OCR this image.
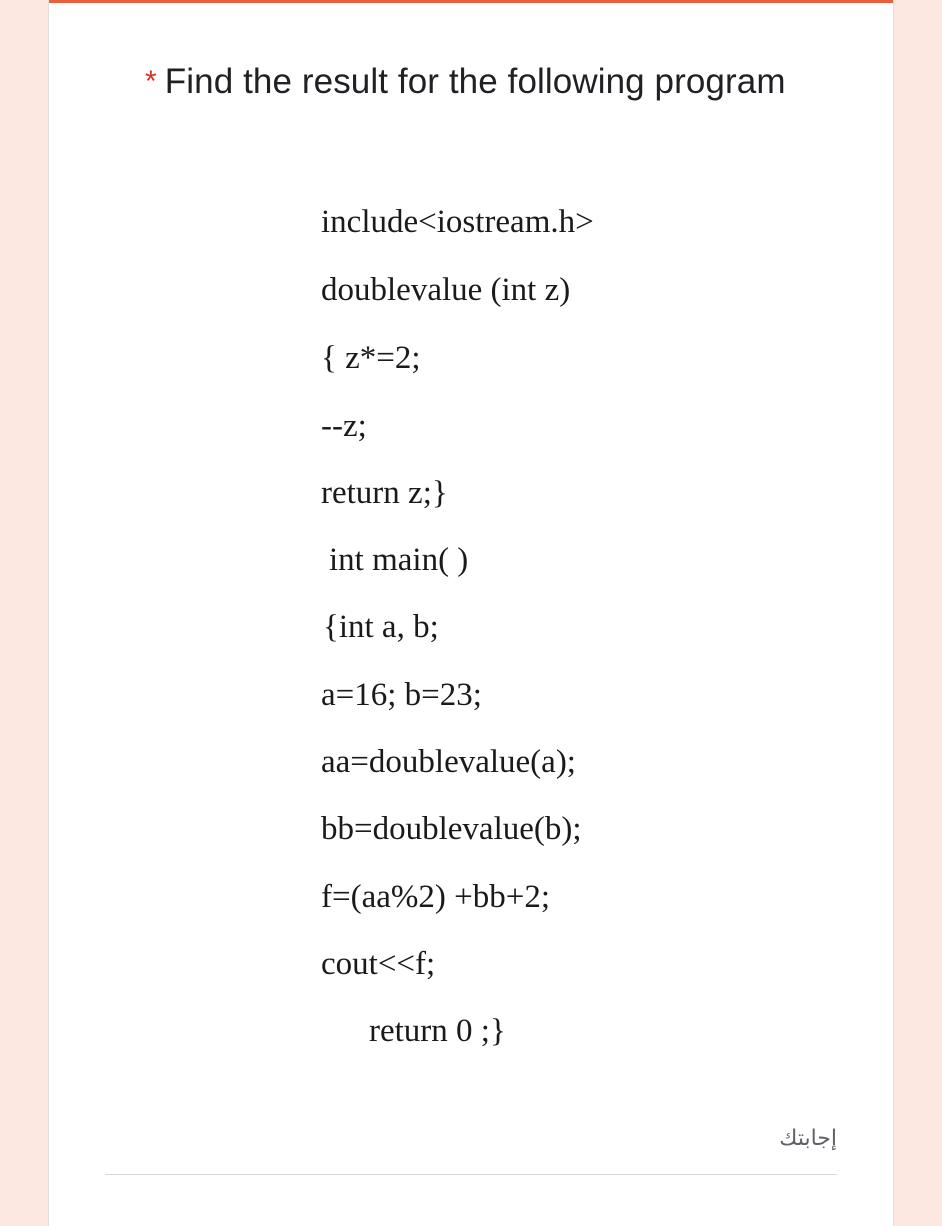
* Find the result for the following program
include<iostream.h>
doublevalue (int z)
{ z*=2;
--z;
return z;}
int main( )
{int a, b;
a=16; b=23;
aa=doublevalue(a);
bb=doublevalue(b);
f=(aa%2) +bb+2;
cout<<f;
return 0 ;}
إجابتك
